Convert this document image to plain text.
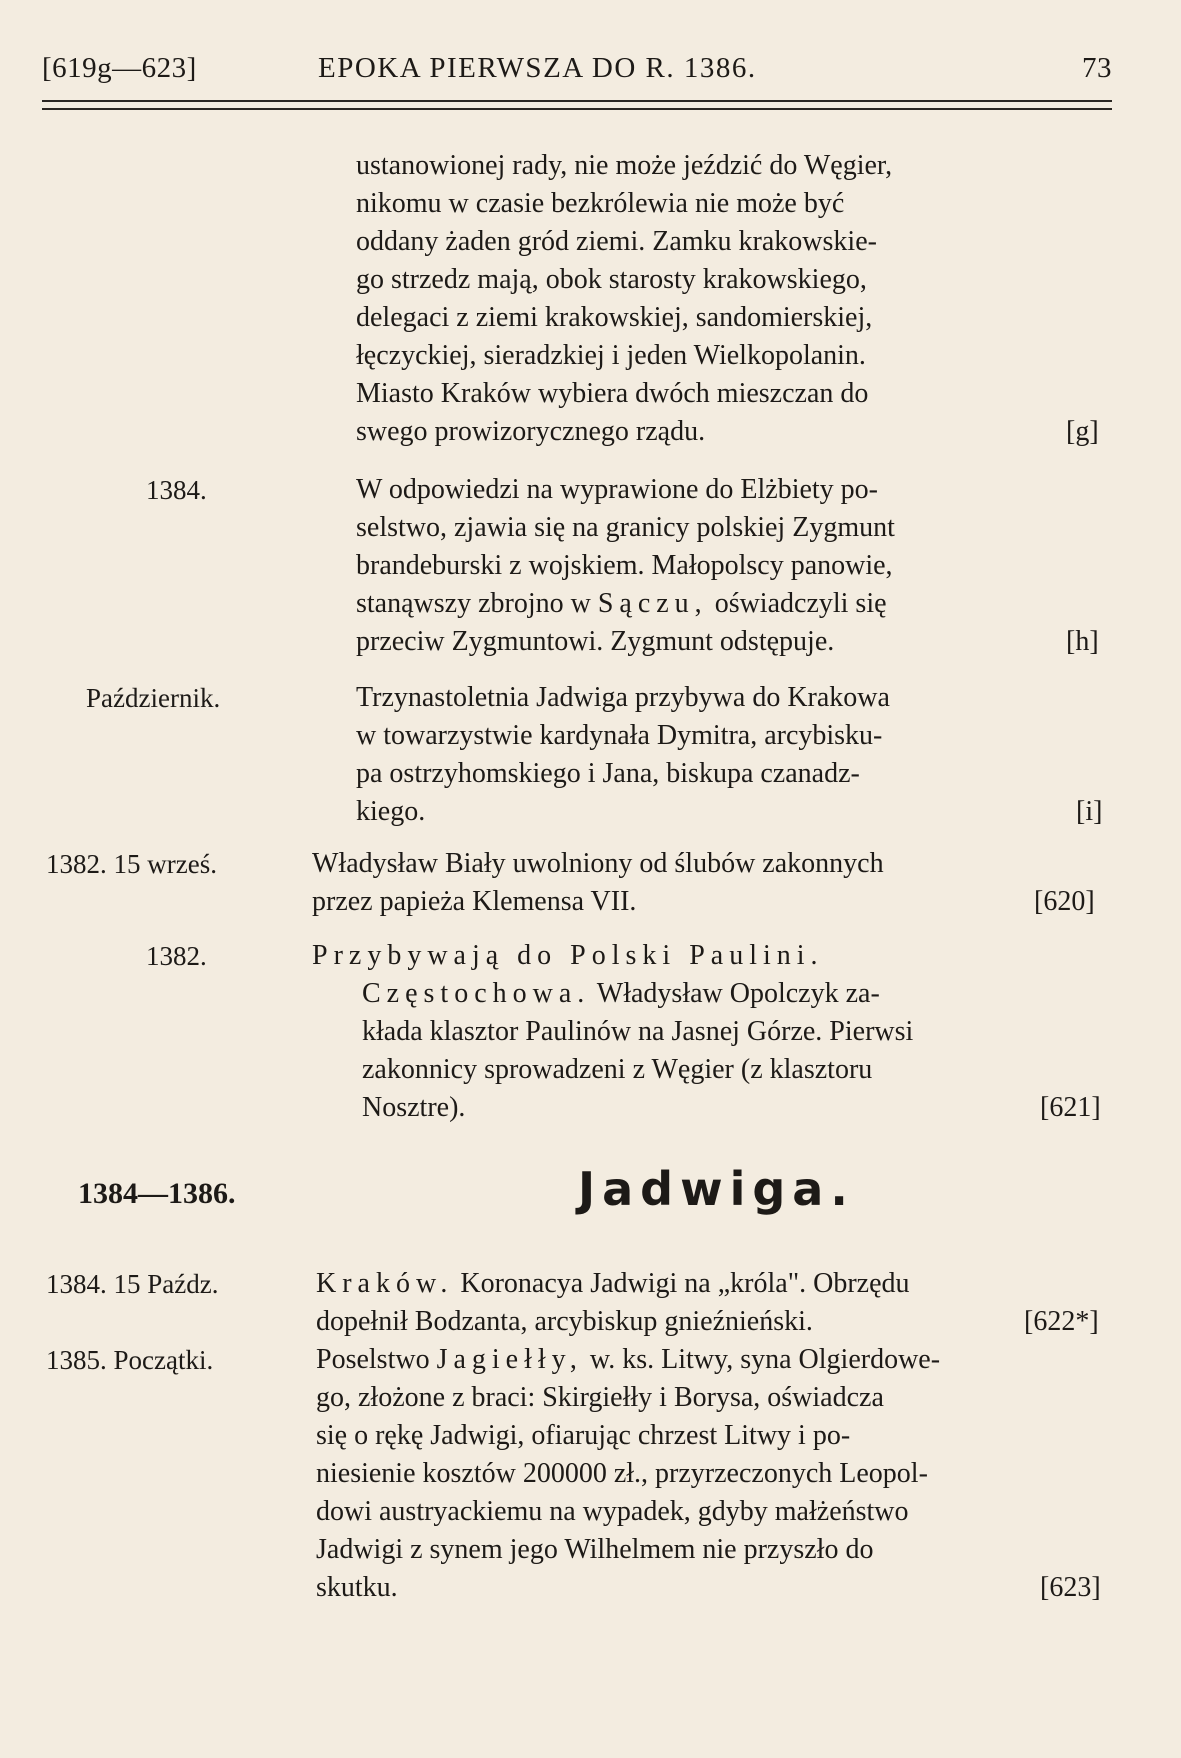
[619g—623]	EPOKA PIERWSZA DO R. 1386.	73
ustanowionej rady, nie może jeździć do Węgier,
nikomu w czasie bezkrólewia nie może być
oddany żaden gród ziemi. Zamku krakowskie-
go strzedz mają, obok starosty krakowskiego,
delegaci z ziemi krakowskiej, sandomierskiej,
łęczyckiej, sieradzkiej i jeden Wielkopolanin.
Miasto Kraków wybiera dwóch mieszczan do
swego prowizorycznego rządu.	[g]
1384.	W odpowiedzi na wyprawione do Elżbiety po-
selstwo, zjawia się na granicy polskiej Zygmunt
brandeburski z wojskiem. Małopolscy panowie,
stanąwszy zbrojno w Sączu, oświadczyli się
przeciw Zygmuntowi. Zygmunt odstępuje.	[h]
Październik.	Trzynastoletnia Jadwiga przybywa do Krakowa
w towarzystwie kardynała Dymitra, arcybisku-
pa ostrzyhomskiego i Jana, biskupa czanadz-
kiego.	[i]
1382. 15 wrześ.	Władysław Biały uwolniony od ślubów zakonnych
przez papieża Klemensa VII.	[620]
1382.	Przybywają do Polski Paulini.
Częstochowa. Władysław Opolczyk za-
kłada klasztor Paulinów na Jasnej Górze. Pierwsi
zakonnicy sprowadzeni z Węgier (z klasztoru
Nosztre).	[621]
1384—1386.	Jadwiga.
1384. 15 Paźdz.	Kraków. Koronacya Jadwigi na „króla". Obrzędu
dopełnił Bodzanta, arcybiskup gnieźnieński.	[622*]
1385. Początki.	Poselstwo Jagiełły, w. ks. Litwy, syna Olgierdowe-
go, złożone z braci: Skirgiełły i Borysa, oświadcza
się o rękę Jadwigi, ofiarując chrzest Litwy i po-
niesienie kosztów 200000 zł., przyrzeczonych Leopol-
dowi austryackiemu na wypadek, gdyby małżeństwo
Jadwigi z synem jego Wilhelmem nie przyszło do
skutku.	[623]
